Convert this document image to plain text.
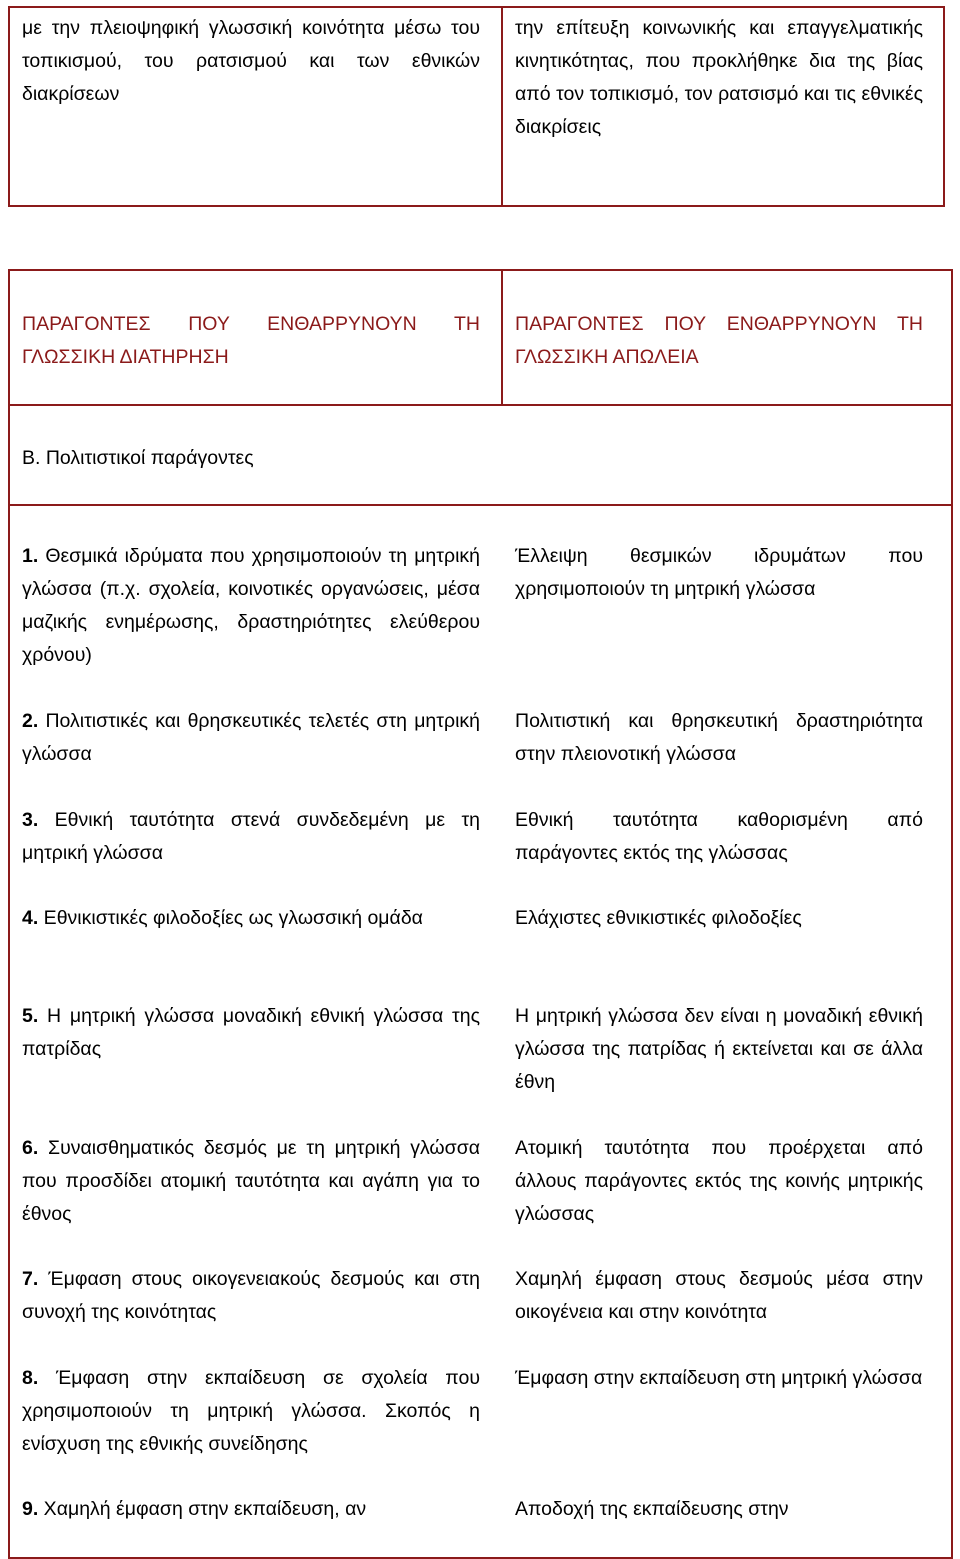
με την πλειοψηφική γλωσσική κοινότητα μέσω του τοπικισμού, του ρατσισμού και των εθνικών διακρίσεων
την επίτευξη κοινωνικής και επαγγελματικής κινητικότητας, που προκλήθηκε δια της βίας από τον τοπικισμό, τον ρατσισμό και τις εθνικές διακρίσεις
ΠΑΡΑΓΟΝΤΕΣ ΠΟΥ ΕΝΘΑΡΡΥΝΟΥΝ ΤΗ ΓΛΩΣΣΙΚΗ ΔΙΑΤΗΡΗΣΗ
ΠΑΡΑΓΟΝΤΕΣ ΠΟΥ ΕΝΘΑΡΡΥΝΟΥΝ ΤΗ ΓΛΩΣΣΙΚΗ ΑΠΩΛΕΙΑ
Β. Πολιτιστικοί παράγοντες
1. Θεσμικά ιδρύματα που χρησιμοποιούν τη μητρική γλώσσα (π.χ. σχολεία, κοινοτικές οργανώσεις, μέσα μαζικής ενημέρωσης, δραστηριότητες ελεύθερου χρόνου)
Έλλειψη θεσμικών ιδρυμάτων που χρησιμοποιούν τη μητρική γλώσσα
2. Πολιτιστικές και θρησκευτικές τελετές στη μητρική γλώσσα
Πολιτιστική και θρησκευτική δραστηριότητα στην πλειονοτική γλώσσα
3. Εθνική ταυτότητα στενά συνδεδεμένη με τη μητρική γλώσσα
Εθνική ταυτότητα καθορισμένη από παράγοντες εκτός της γλώσσας
4. Εθνικιστικές φιλοδοξίες ως γλωσσική ομάδα	Ελάχιστες εθνικιστικές φιλοδοξίες
5. Η μητρική γλώσσα μοναδική εθνική γλώσσα της πατρίδας
Η μητρική γλώσσα δεν είναι η μοναδική εθνική γλώσσα της πατρίδας ή εκτείνεται και σε άλλα έθνη
6. Συναισθηματικός δεσμός με τη μητρική γλώσσα που προσδίδει ατομική ταυτότητα και αγάπη για το έθνος
Ατομική ταυτότητα που προέρχεται από άλλους παράγοντες εκτός της κοινής μητρικής γλώσσας
7. Έμφαση στους οικογενειακούς δεσμούς και στη συνοχή της κοινότητας
Χαμηλή έμφαση στους δεσμούς μέσα στην οικογένεια και στην κοινότητα
8. Έμφαση στην εκπαίδευση σε σχολεία που χρησιμοποιούν τη μητρική γλώσσα. Σκοπός η ενίσχυση της εθνικής συνείδησης
Έμφαση στην εκπαίδευση στη μητρική γλώσσα
9. Χαμηλή έμφαση στην εκπαίδευση, αν	Αποδοχή της εκπαίδευσης στην
